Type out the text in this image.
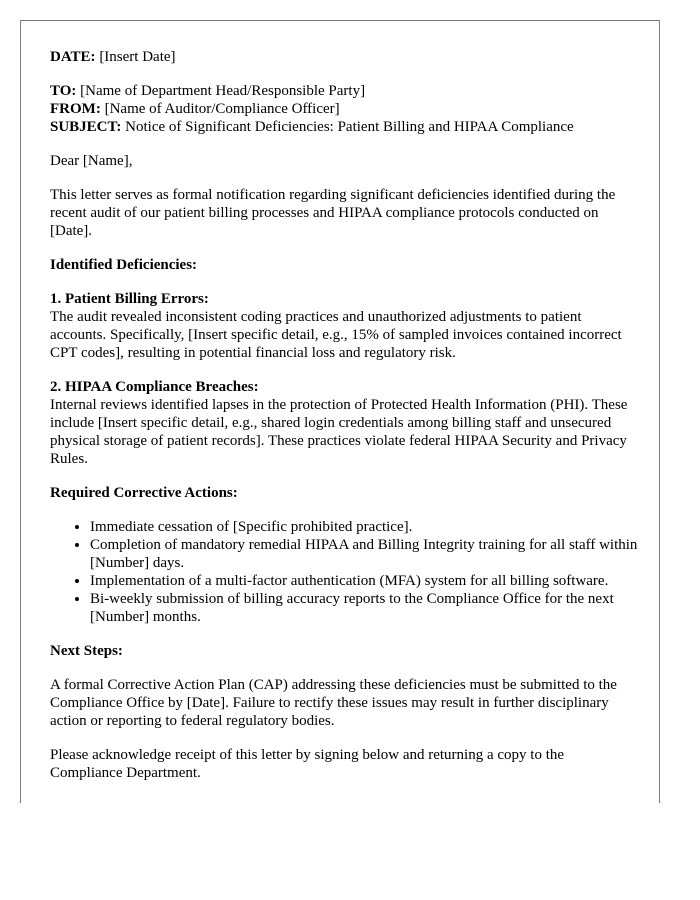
DATE: [Insert Date]

TO: [Name of Department Head/Responsible Party]

FROM: [Name of Auditor/Compliance Officer]

SUBJECT: Notice of Significant Deficiencies: Patient Billing and HIPAA Compliance

Dear [Name],

This letter serves as formal notification regarding significant deficiencies identified during the recent audit of our patient billing processes and HIPAA compliance protocols conducted on [Date].

Identified Deficiencies:

1. Patient Billing Errors:

The audit revealed inconsistent coding practices and unauthorized adjustments to patient accounts. Specifically, [Insert specific detail, e.g., 15% of sampled invoices contained incorrect CPT codes], resulting in potential financial loss and regulatory risk.

2. HIPAA Compliance Breaches:

Internal reviews identified lapses in the protection of Protected Health Information (PHI). These include [Insert specific detail, e.g., shared login credentials among billing staff and unsecured physical storage of patient records]. These practices violate federal HIPAA Security and Privacy Rules.

Required Corrective Actions:

• Immediate cessation of [Specific prohibited practice].
• Completion of mandatory remedial HIPAA and Billing Integrity training for all staff within [Number] days.
• Implementation of a multi-factor authentication (MFA) system for all billing software.
• Bi-weekly submission of billing accuracy reports to the Compliance Office for the next [Number] months.

Next Steps:

A formal Corrective Action Plan (CAP) addressing these deficiencies must be submitted to the Compliance Office by [Date]. Failure to rectify these issues may result in further disciplinary action or reporting to federal regulatory bodies.

Please acknowledge receipt of this letter by signing below and returning a copy to the Compliance Department.
